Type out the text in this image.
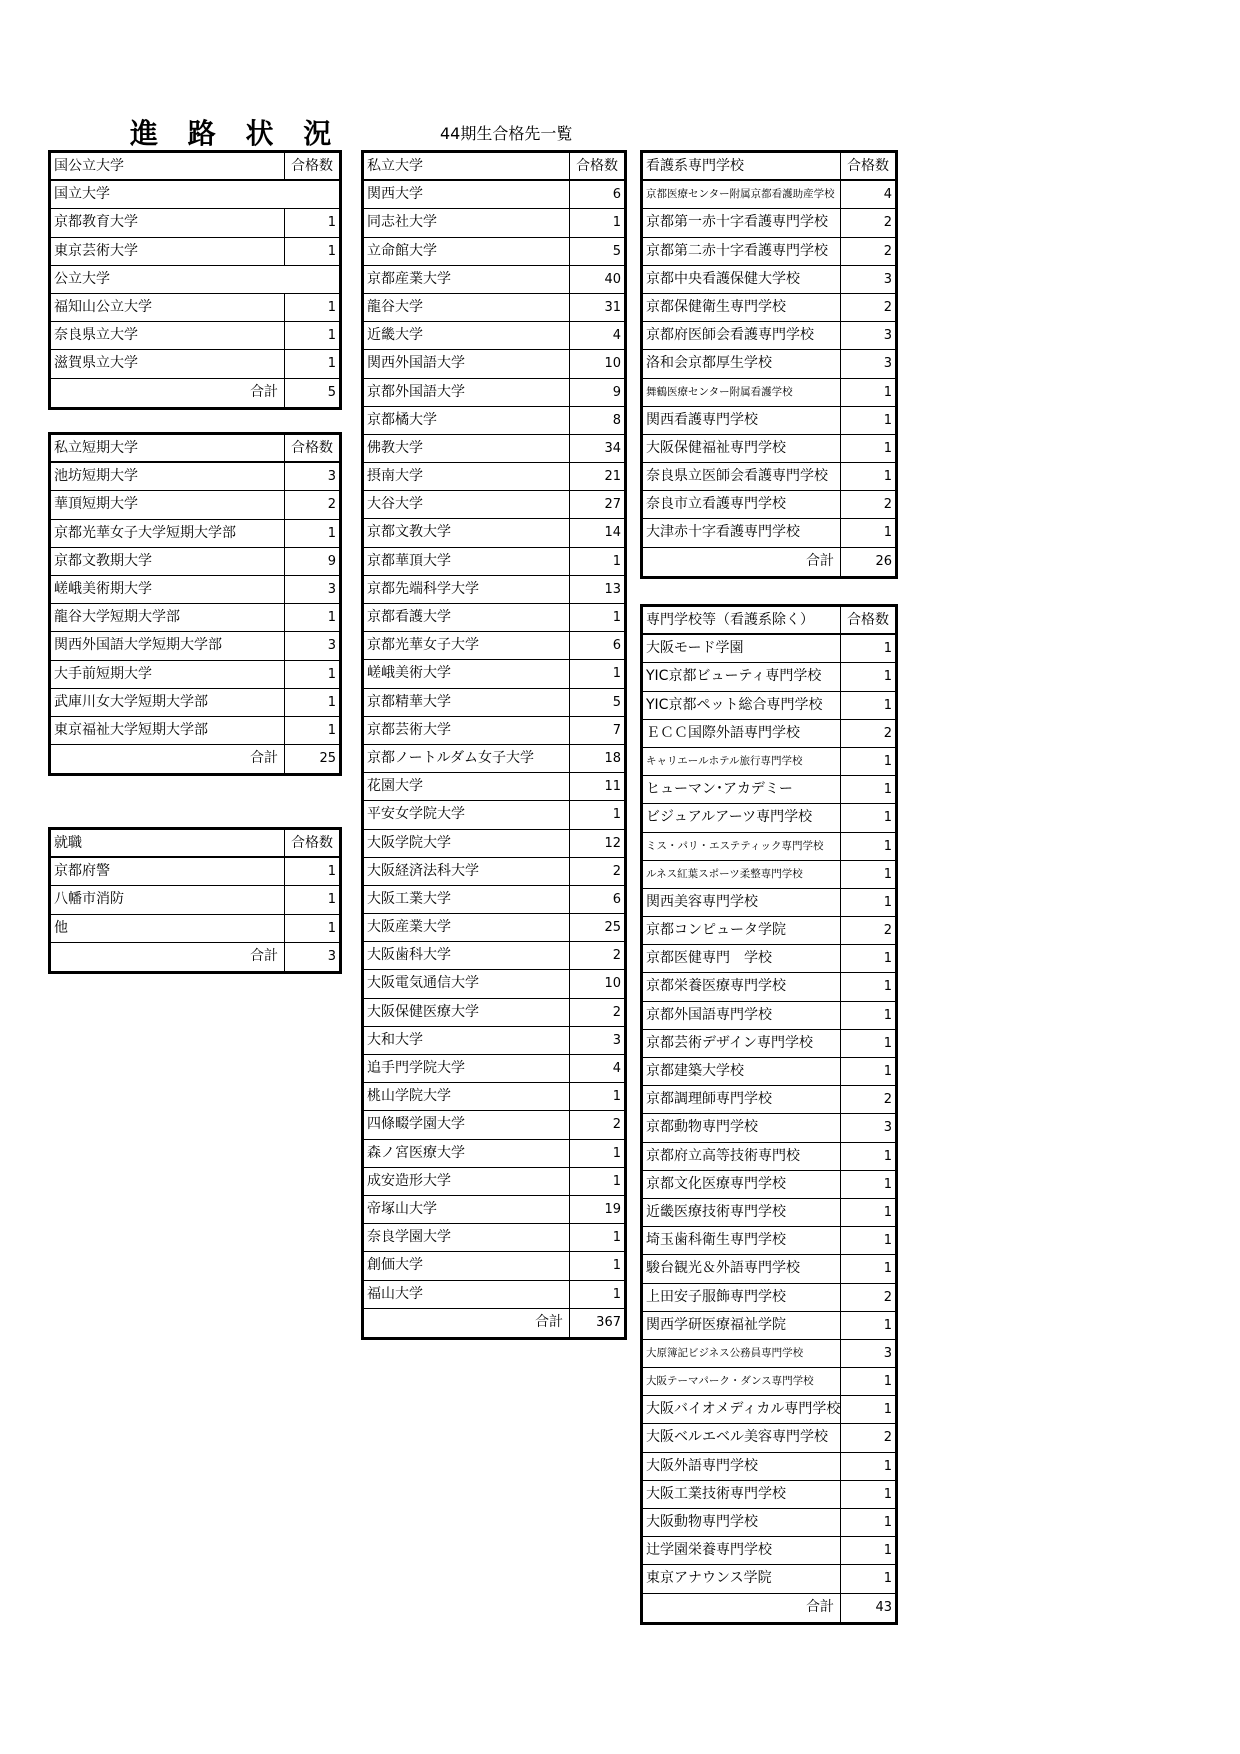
進 路 状 況	44期生合格先一覧
国公立大学	合格数
国立大学
京都教育大学	1
東京芸術大学	1
公立大学
福知山公立大学	1
奈良県立大学	1
滋賀県立大学	1
合計	5
私立短期大学	合格数
池坊短期大学	3
華頂短期大学	2
京都光華女子大学短期大学部	1
京都文教期大学	9
嵯峨美術期大学	3
龍谷大学短期大学部	1
関西外国語大学短期大学部	3
大手前短期大学	1
武庫川女大学短期大学部	1
東京福祉大学短期大学部	1
合計	25
就職	合格数
京都府警	1
八幡市消防	1
他	1
合計	3
私立大学	合格数
関西大学	6
同志社大学	1
立命館大学	5
京都産業大学	40
龍谷大学	31
近畿大学	4
関西外国語大学	10
京都外国語大学	9
京都橘大学	8
佛教大学	34
摂南大学	21
大谷大学	27
京都文教大学	14
京都華頂大学	1
京都先端科学大学	13
京都看護大学	1
京都光華女子大学	6
嵯峨美術大学	1
京都精華大学	5
京都芸術大学	7
京都ノートルダム女子大学	18
花園大学	11
平安女学院大学	1
大阪学院大学	12
大阪経済法科大学	2
大阪工業大学	6
大阪産業大学	25
大阪歯科大学	2
大阪電気通信大学	10
大阪保健医療大学	2
大和大学	3
追手門学院大学	4
桃山学院大学	1
四條畷学園大学	2
森ノ宮医療大学	1
成安造形大学	1
帝塚山大学	19
奈良学園大学	1
創価大学	1
福山大学	1
合計	367
看護系専門学校	合格数
京都医療センター附属京都看護助産学校	4
京都第一赤十字看護専門学校	2
京都第二赤十字看護専門学校	2
京都中央看護保健大学校	3
京都保健衛生専門学校	2
京都府医師会看護専門学校	3
洛和会京都厚生学校	3
舞鶴医療センター附属看護学校	1
関西看護専門学校	1
大阪保健福祉専門学校	1
奈良県立医師会看護専門学校	1
奈良市立看護専門学校	2
大津赤十字看護専門学校	1
合計	26
専門学校等（看護系除く）	合格数
大阪モード学園	1
YIC京都ビューティ専門学校	1
YIC京都ペット総合専門学校	1
ＥＣＣ国際外語専門学校	2
キャリエールホテル旅行専門学校	1
ヒューマン･アカデミー	1
ビジュアルアーツ専門学校	1
ミス・パリ・エステティック専門学校	1
ルネス紅葉スポーツ柔整専門学校	1
関西美容専門学校	1
京都コンピュータ学院	2
京都医健専門　学校	1
京都栄養医療専門学校	1
京都外国語専門学校	1
京都芸術デザイン専門学校	1
京都建築大学校	1
京都調理師専門学校	2
京都動物専門学校	3
京都府立高等技術専門校	1
京都文化医療専門学校	1
近畿医療技術専門学校	1
埼玉歯科衛生専門学校	1
駿台観光＆外語専門学校	1
上田安子服飾専門学校	2
関西学研医療福祉学院	1
大原簿記ビジネス公務員専門学校	3
大阪テーマパーク・ダンス専門学校	1
大阪バイオメディカル専門学校	1
大阪ベルエベル美容専門学校	2
大阪外語専門学校	1
大阪工業技術専門学校	1
大阪動物専門学校	1
辻学園栄養専門学校	1
東京アナウンス学院	1
合計	43
